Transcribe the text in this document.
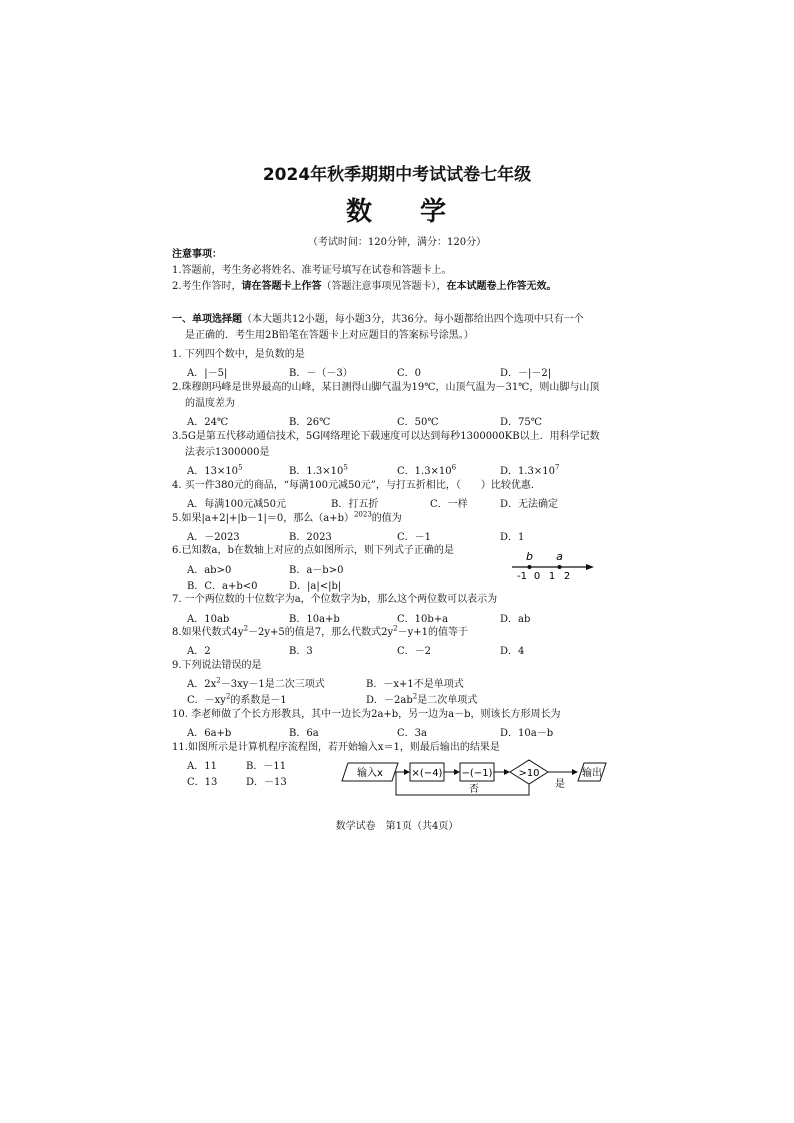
2024年秋季期期中考试试卷七年级
数 学
（考试时间：120分钟，满分：120分）
注意事项：
1.答题前，考生务必将姓名、准考证号填写在试卷和答题卡上。
2.考生作答时，请在答题卡上作答（答题注意事项见答题卡），在本试题卷上作答无效。
一、单项选择题（本大题共12小题，每小题3分，共36分。每小题都给出四个选项中只有一个
是正确的．考生用2B铅笔在答题卡上对应题目的答案标号涂黑。）
1. 下列四个数中，是负数的是
A．|－5|	B．－（－3）	C．0	D．－|－2|
2.珠穆朗玛峰是世界最高的山峰，某日测得山脚气温为19℃，山顶气温为－31℃，则山脚与山顶
的温度差为
A．24℃	B．26℃	C．50℃	D．75℃
3.5G是第五代移动通信技术，5G网络理论下载速度可以达到每秒1300000KB以上．用科学记数
法表示1300000是
A．$13\times 10^5$	B．$1.3\times 10^5$	C．$1.3\times 10^6$	D．$1.3\times 10^7$
4. 买一件380元的商品，“每满100元减50元”，与打五折相比，（　　）比较优惠．
A．每满100元减50元	B．打五折	C．一样	D．无法确定
5.如果|a+2|+|b－1|＝0，那么$(a+b)^{2023}$的值为
A．－2023	B．2023	C．－1	D．1
6.已知数a，b在数轴上对应的点如图所示，则下列式子正确的是
A．ab>0	B．a－b>0
B．C．a+b<0	D．|a|<|b|
-1 0 1 2
b a
7. 一个两位数的十位数字为a，个位数字为b，那么这个两位数可以表示为
A．10ab	B．10a+b	C．10b+a	D．ab
8.如果代数式$4y^2-2y+5$的值是7，那么代数式$2y^2-y+1$的值等于
A．2	B．3	C．－2	D．4
9.下列说法错误的是
A．$2x^2-3xy-1$是二次三项式	B．－x+1不是单项式
C．$-xy^2$的系数是－1	D．$-2ab^2$是二次单项式
10. 李老师做了个长方形教具，其中一边长为2a+b，另一边为a－b，则该长方形周长为
A．6a+b	B．6a	C．3a	D．10a－b
11.如图所示是计算机程序流程图，若开始输入x＝1，则最后输出的结果是
A．11	B．－11
C．13	D．－13
输入x	×(−4) −(−1)	>10
是
输出
否
数学试卷　第1页（共4页）
